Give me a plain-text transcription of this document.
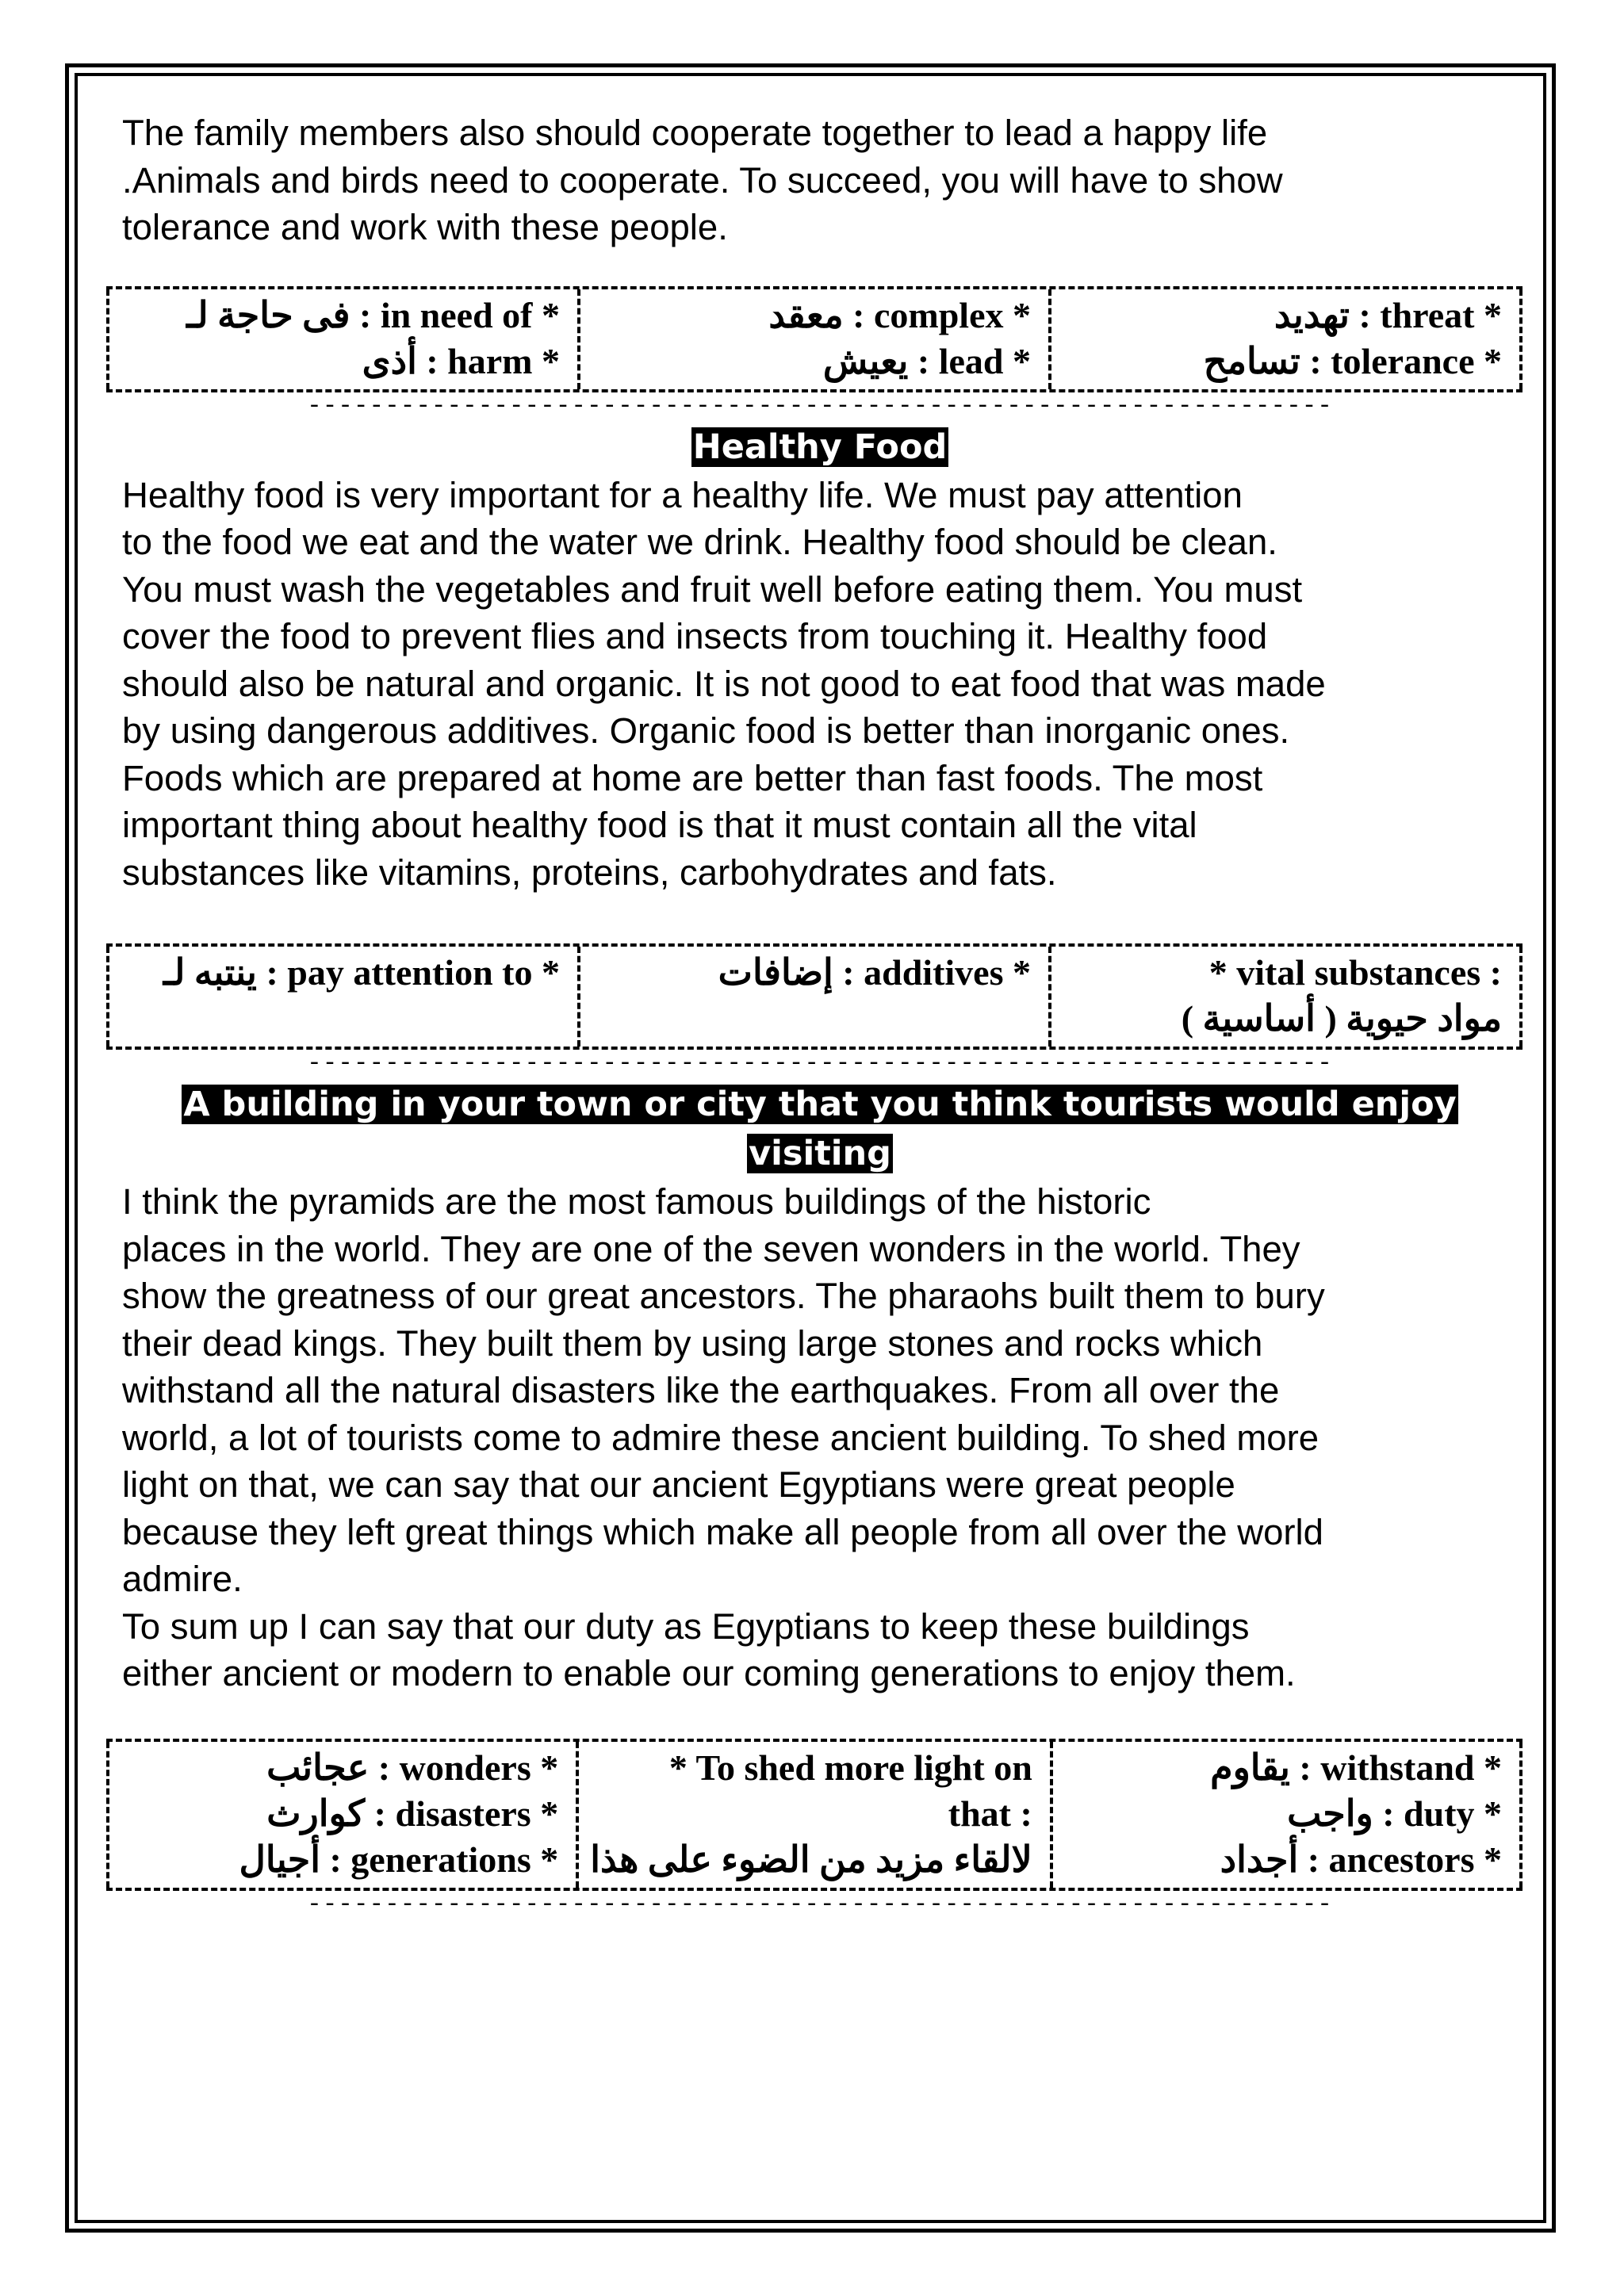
The family members also should cooperate together to lead a happy life
.Animals and birds need to cooperate. To succeed, you will have to show
tolerance and work with these people.

* in need of : فى حاجة لـ
* harm : أذى
* complex : معقد
* lead : يعيش
* threat : تهديد
* tolerance : تسامح
------------------------------------------------------------------
Healthy Food

Healthy food is very important for a healthy life. We must pay attention
to the food we eat and the water we drink. Healthy food should be clean.
You must wash the vegetables and fruit well before eating them. You must
cover the food to prevent flies and insects from touching it. Healthy food
should also be natural and organic. It is not good to eat food that was made
by using dangerous additives. Organic food is better than inorganic ones.
Foods which are prepared at home are better than fast foods. The most
important thing about healthy food is that it must contain all the vital
substances like vitamins, proteins, carbohydrates and fats.

* pay attention to : ينتبه لـ
	* additives : إضافات
	* vital substances :
مواد حيوية ( أساسية )
------------------------------------------------------------------
A building in your town or city that you think tourists would enjoy visiting

I think the pyramids are the most famous buildings of the historic
places in the world. They are one of the seven wonders in the world. They
show the greatness of our great ancestors. The pharaohs built them to bury
their dead kings. They built them by using large stones and rocks which
withstand all the natural disasters like the earthquakes. From all over the
world, a lot of tourists come to admire these ancient building. To shed more
light on that, we can say that our ancient Egyptians were great people
because they left great things which make all people from all over the world
admire.
To sum up I can say that our duty as Egyptians to keep these buildings
either ancient or modern to enable our coming generations to enjoy them.

* wonders : عجائب
* disasters : كوارث
* generations : أجيال
* To shed more light on
that :
لالقاء مزيد من الضوء على هذا
* withstand : يقاوم
* duty : واجب
* ancestors : أجداد
------------------------------------------------------------------
